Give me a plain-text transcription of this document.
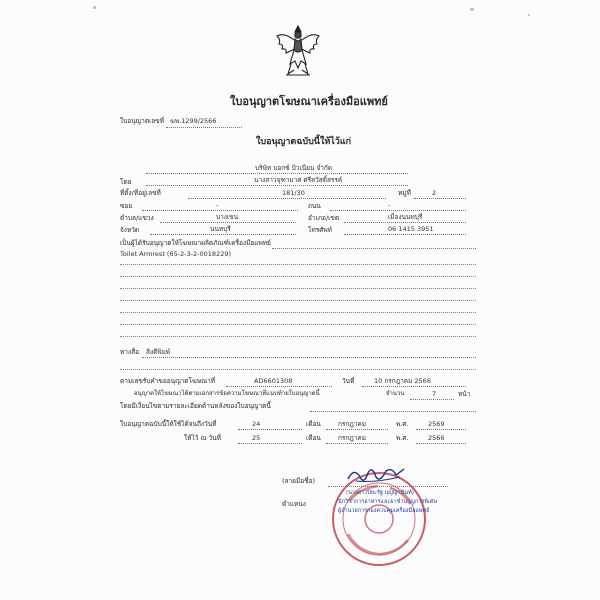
ใบอนุญาตโฆษณาเครื่องมือแพทย์
ใบอนุญาตเลขที่ ฆพ.1299/2566
ใบอนุญาตฉบับนี้ให้ไว้แก่
บริษัท บอกซ์ บิวเนียน จำกัด
โดย	นางสาวจุฑามาศ ศรีสวัสดิ์สรรค์
ที่ตั้ง/ที่อยู่เลขที่	181/30	หมู่ที่	2
ซอย	-	ถนน	-
ตำบล/แขวง	บางเขน	อำเภอ/เขต	เมืองนนทบุรี
จังหวัด	นนทบุรี	โทรศัพท์	06 1415 3951
เป็นผู้ได้รับอนุญาตให้โฆษณาผลิตภัณฑ์เครื่องมือแพทย์
Toilet Armrest (65-2-3-2-0018229)
ทางสื่อ สิ่งตีพิมพ์
ตามเลขรับคำขออนุญาตโฆษณาที่	AD6601308	วันที่	10 กรกฎาคม 2566
อนุญาตให้โฆษณาได้ตามเอกสารข้อความโฆษณาที่แนบท้ายใบอนุญาตนี้	จำนวน	7	หน้า
โดยมีเงื่อนไขตามรายละเอียดด้านหลังของใบอนุญาตนี้
ใบอนุญาตฉบับนี้ให้ใช้ได้จนถึงวันที่	24	เดือน	กรกฎาคม	พ.ศ.	2569
ให้ไว้ ณ วันที่	25	เดือน	กรกฎาคม	พ.ศ.	2566
(ลายมือชื่อ)
ตำแหน่ง
(นางสาวปิยะรัฐ บุญญานันท์)
นักวิชาการอาหารและยาชำนาญการพิเศษ
ผู้อำนวยการกองควบคุมเครื่องมือแพทย์
